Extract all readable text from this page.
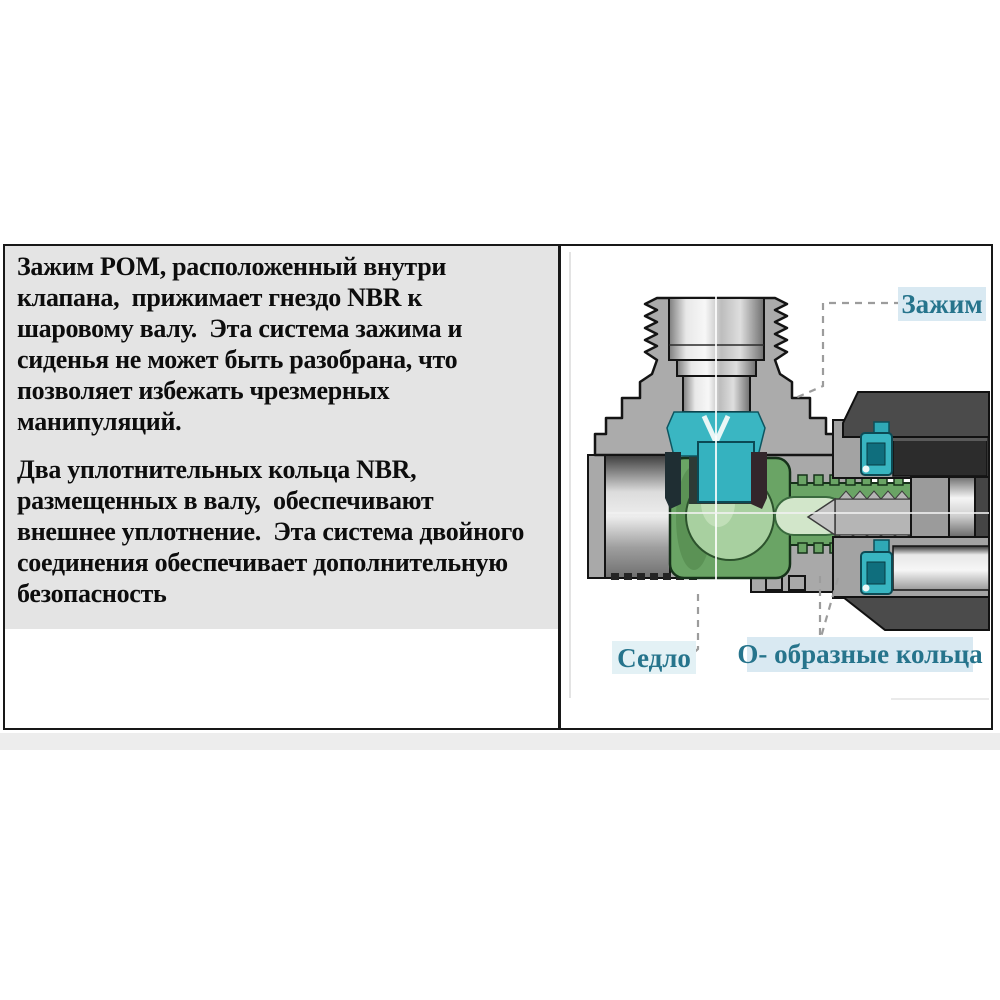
Зажим POM, расположенный внутри
клапана,  прижимает гнездо NBR к
шаровому валу.  Эта система зажима и
сиденья не может быть разобрана, что
позволяет избежать чрезмерных
манипуляций.
Два уплотнительных кольца NBR,
размещенных в валу,  обеспечивают
внешнее уплотнение.  Эта система двойного
соединения обеспечивает дополнительную
безопасность
Зажим
Седло О- образные кольца
